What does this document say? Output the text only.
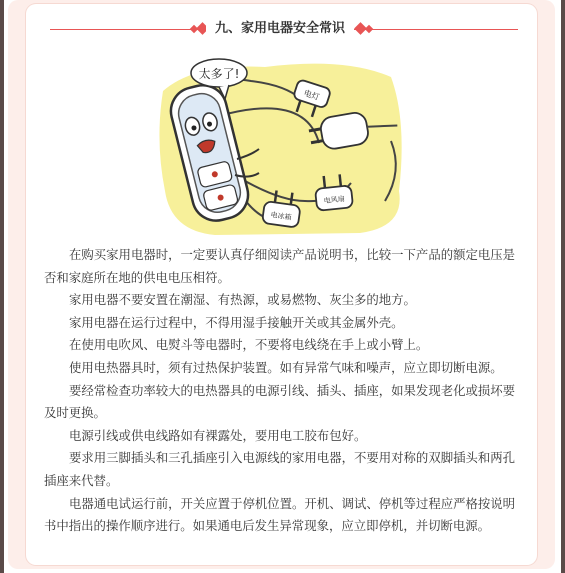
九、家用电器安全常识
太多了!
电灯
电冰箱
电风扇

在购买家用电器时，一定要认真仔细阅读产品说明书，比较一下产品的额定电压是否和家庭所在地的供电电压相符。

家用电器不要安置在潮湿、有热源，或易燃物、灰尘多的地方。

家用电器在运行过程中，不得用湿手接触开关或其金属外壳。

在使用电吹风、电熨斗等电器时，不要将电线绕在手上或小臂上。

使用电热器具时，须有过热保护装置。如有异常气味和噪声，应立即切断电源。

要经常检查功率较大的电热器具的电源引线、插头、插座，如果发现老化或损坏要及时更换。

电源引线或供电线路如有裸露处，要用电工胶布包好。

要求用三脚插头和三孔插座引入电源线的家用电器，不要用对称的双脚插头和两孔插座来代替。

电器通电试运行前，开关应置于停机位置。开机、调试、停机等过程应严格按说明书中指出的操作顺序进行。如果通电后发生异常现象，应立即停机，并切断电源。
